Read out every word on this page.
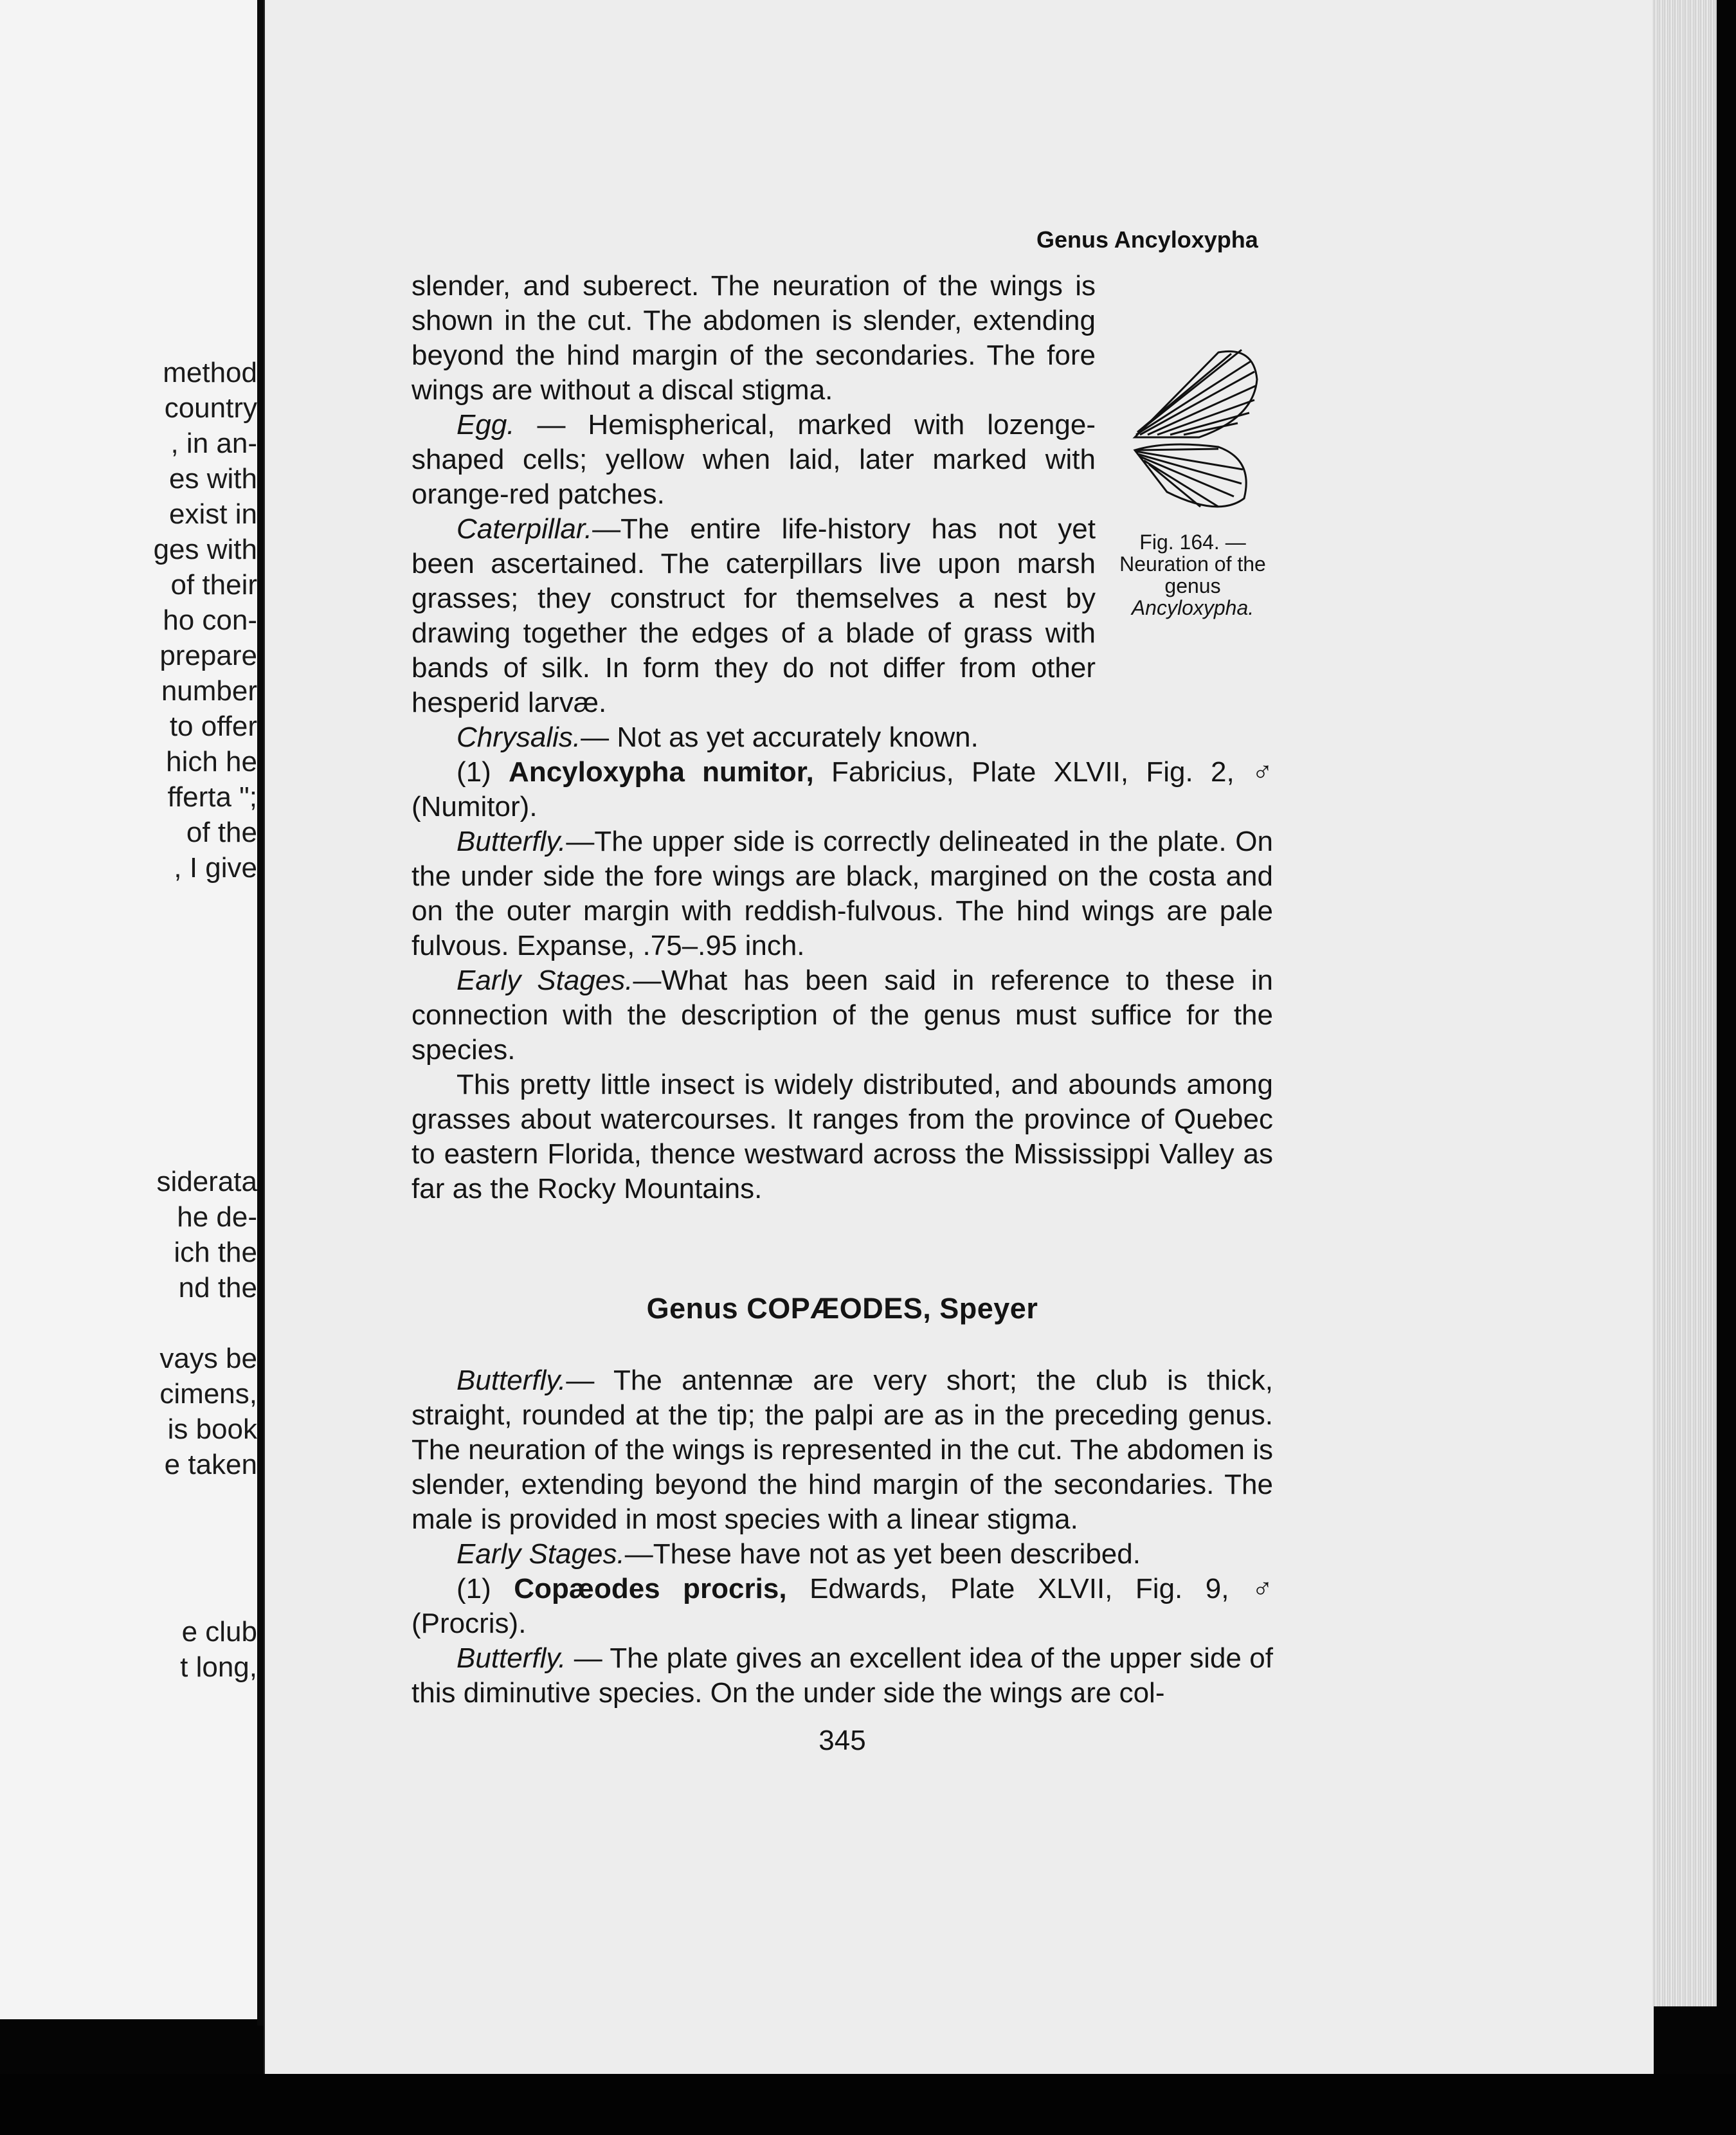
method
country
, in an-
es with
exist in
ges with
of their
ho con-
prepare
number
to offer
hich he
fferta ";
of the
, I give
siderata
he de-
ich the
nd the
vays be
cimens,
is book
e taken
e club
t long,
Genus Ancyloxypha

Fig. 164. — Neuration of the genus Ancyloxypha.
slender, and suberect. The neuration of the wings is shown in the cut. The abdomen is slender, extending beyond the hind margin of the secondaries. The fore wings are without a discal stigma.

Egg. — Hemispherical, marked with lozenge-shaped cells; yellow when laid, later marked with orange-red patches.

Caterpillar.—The entire life-history has not yet been ascertained. The caterpillars live upon marsh grasses; they construct for themselves a nest by drawing together the edges of a blade of grass with bands of silk. In form they do not differ from other hesperid larvæ.

Chrysalis.— Not as yet accurately known.

(1) Ancyloxypha numitor, Fabricius, Plate XLVII, Fig. 2, ♂ (Numitor).

Butterfly.—The upper side is correctly delineated in the plate. On the under side the fore wings are black, margined on the costa and on the outer margin with reddish-fulvous. The hind wings are pale fulvous. Expanse, .75–.95 inch.

Early Stages.—What has been said in reference to these in connection with the description of the genus must suffice for the species.

This pretty little insect is widely distributed, and abounds among grasses about watercourses. It ranges from the province of Quebec to eastern Florida, thence westward across the Mississippi Valley as far as the Rocky Mountains.

Genus COPÆODES, Speyer

Butterfly.— The antennæ are very short; the club is thick, straight, rounded at the tip; the palpi are as in the preceding genus. The neuration of the wings is represented in the cut. The abdomen is slender, extending beyond the hind margin of the secondaries. The male is provided in most species with a linear stigma.

Early Stages.—These have not as yet been described.

(1) Copæodes procris, Edwards, Plate XLVII, Fig. 9, ♂ (Procris).

Butterfly. — The plate gives an excellent idea of the upper side of this diminutive species. On the under side the wings are col-

345
